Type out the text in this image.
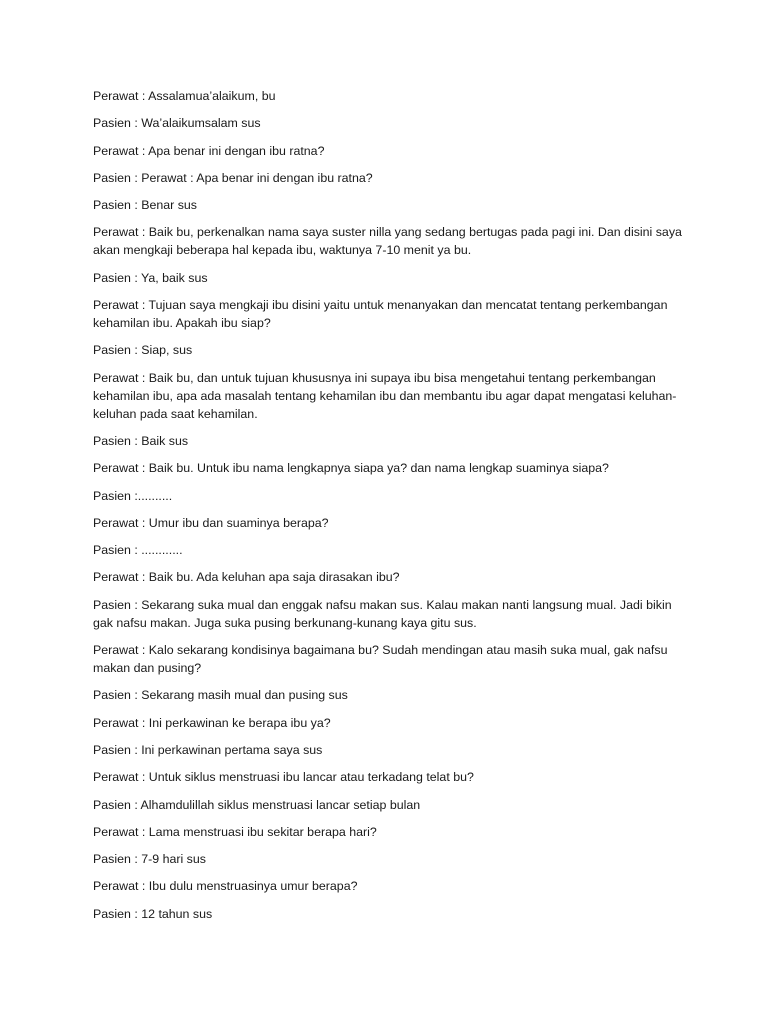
Perawat : Assalamua’alaikum, bu

Pasien : Wa’alaikumsalam sus

Perawat : Apa benar ini dengan ibu ratna?

Pasien : Perawat : Apa benar ini dengan ibu ratna?

Pasien : Benar sus

Perawat : Baik bu, perkenalkan nama saya suster nilla yang sedang bertugas pada pagi ini. Dan disini saya akan mengkaji beberapa hal kepada ibu, waktunya 7-10 menit ya bu.

Pasien : Ya, baik sus

Perawat : Tujuan saya mengkaji ibu disini yaitu untuk menanyakan dan mencatat tentang perkembangan kehamilan ibu. Apakah ibu siap?

Pasien : Siap, sus

Perawat : Baik bu, dan untuk tujuan khususnya ini supaya ibu bisa mengetahui tentang perkembangan kehamilan ibu, apa ada masalah tentang kehamilan ibu dan membantu ibu agar dapat mengatasi keluhan-keluhan pada saat kehamilan.

Pasien : Baik sus

Perawat : Baik bu. Untuk ibu nama lengkapnya siapa ya? dan nama lengkap suaminya siapa?

Pasien :..........

Perawat : Umur ibu dan suaminya berapa?

Pasien : ............

Perawat : Baik bu. Ada keluhan apa saja dirasakan ibu?

Pasien : Sekarang suka mual dan enggak nafsu makan sus. Kalau makan nanti langsung mual. Jadi bikin gak nafsu makan. Juga suka pusing berkunang-kunang kaya gitu sus.

Perawat : Kalo sekarang kondisinya bagaimana bu? Sudah mendingan atau masih suka mual, gak nafsu makan dan pusing?

Pasien : Sekarang masih mual dan pusing sus

Perawat : Ini perkawinan ke berapa ibu ya?

Pasien : Ini perkawinan pertama saya sus

Perawat : Untuk siklus menstruasi ibu lancar atau terkadang telat bu?

Pasien : Alhamdulillah siklus menstruasi lancar setiap bulan

Perawat : Lama menstruasi ibu sekitar berapa hari?

Pasien : 7-9 hari sus

Perawat : Ibu dulu menstruasinya umur berapa?

Pasien : 12 tahun sus
